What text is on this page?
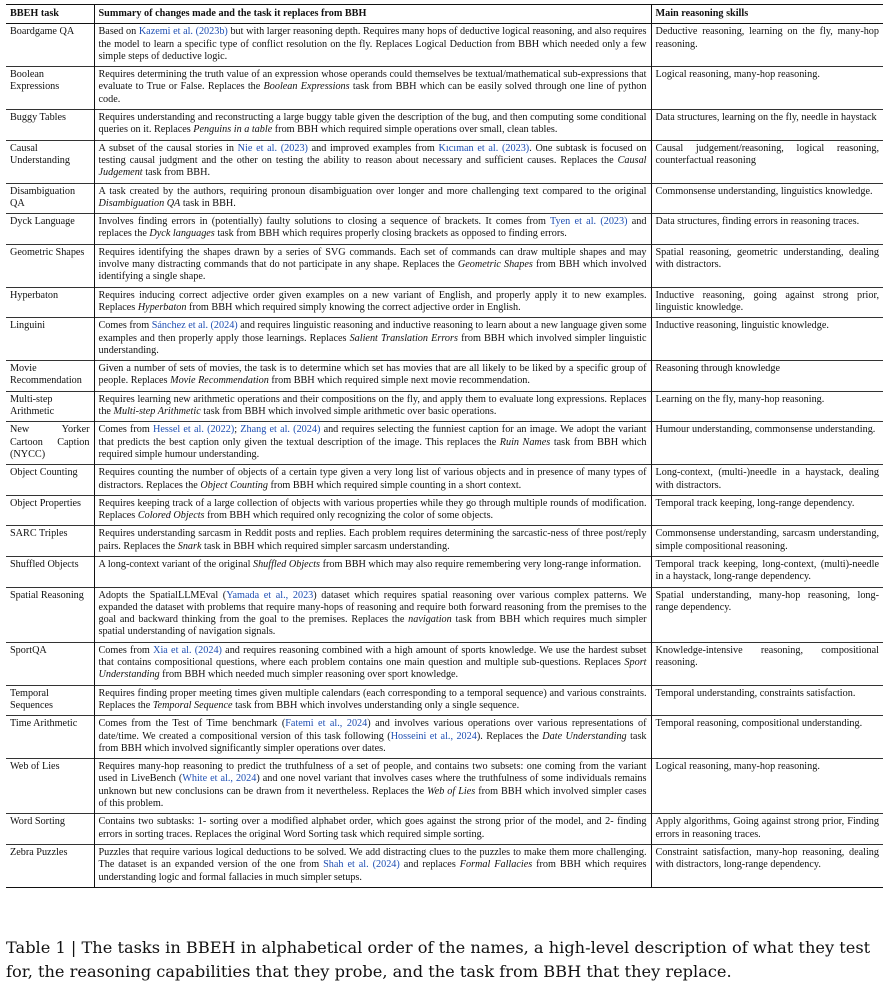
BBEH task	Summary of changes made and the task it replaces from BBH	Main reasoning skills
Boardgame QA	Based on Kazemi et al. (2023b) but with larger reasoning depth. Requires many hops of deductive logical reasoning, and also requires the model to learn a specific type of conflict resolution on the fly. Replaces Logical Deduction from BBH which needed only a few simple steps of deductive logic.	Deductive reasoning, learning on the fly, many-hop reasoning.
Boolean Expressions	Requires determining the truth value of an expression whose operands could themselves be textual/mathematical sub-expressions that evaluate to True or False. Replaces the Boolean Expressions task from BBH which can be easily solved through one line of python code.	Logical reasoning, many-hop reasoning.
Buggy Tables	Requires understanding and reconstructing a large buggy table given the description of the bug, and then computing some conditional queries on it. Replaces Penguins in a table from BBH which required simple operations over small, clean tables.	Data structures, learning on the fly, needle in haystack
Causal Understanding	A subset of the causal stories in Nie et al. (2023) and improved examples from Kıcıman et al. (2023). One subtask is focused on testing causal judgment and the other on testing the ability to reason about necessary and sufficient causes. Replaces the Causal Judgement task from BBH.	Causal judgement/reasoning, logical reasoning, counterfactual reasoning
Disambiguation QA	A task created by the authors, requiring pronoun disambiguation over longer and more challenging text compared to the original Disambiguation QA task in BBH.	Commonsense understanding, linguistics knowledge.
Dyck Language	Involves finding errors in (potentially) faulty solutions to closing a sequence of brackets. It comes from Tyen et al. (2023) and replaces the Dyck languages task from BBH which requires properly closing brackets as opposed to finding errors.	Data structures, finding errors in reasoning traces.
Geometric Shapes	Requires identifying the shapes drawn by a series of SVG commands. Each set of commands can draw multiple shapes and may involve many distracting commands that do not participate in any shape. Replaces the Geometric Shapes from BBH which involved identifying a single shape.	Spatial reasoning, geometric understanding, dealing with distractors.
Hyperbaton	Requires inducing correct adjective order given examples on a new variant of English, and properly apply it to new examples. Replaces Hyperbaton from BBH which required simply knowing the correct adjective order in English.	Inductive reasoning, going against strong prior, linguistic knowledge.
Linguini	Comes from Sánchez et al. (2024) and requires linguistic reasoning and inductive reasoning to learn about a new language given some examples and then properly apply those learnings. Replaces Salient Translation Errors from BBH which involved simpler linguistic understanding.	Inductive reasoning, linguistic knowledge.
Movie Recommendation	Given a number of sets of movies, the task is to determine which set has movies that are all likely to be liked by a specific group of people. Replaces Movie Recommendation from BBH which required simple next movie recommendation.	Reasoning through knowledge
Multi-step Arithmetic	Requires learning new arithmetic operations and their compositions on the fly, and apply them to evaluate long expressions. Replaces the Multi-step Arithmetic task from BBH which involved simple arithmetic over basic operations.	Learning on the fly, many-hop reasoning.
New Yorker Cartoon Caption (NYCC)	Comes from Hessel et al. (2022); Zhang et al. (2024) and requires selecting the funniest caption for an image. We adopt the variant that predicts the best caption only given the textual description of the image. This replaces the Ruin Names task from BBH which required simple humour understanding.	Humour understanding, commonsense understanding.
Object Counting	Requires counting the number of objects of a certain type given a very long list of various objects and in presence of many types of distractors. Replaces the Object Counting from BBH which required simple counting in a short context.	Long-context, (multi-)needle in a haystack, dealing with distractors.
Object Properties	Requires keeping track of a large collection of objects with various properties while they go through multiple rounds of modification. Replaces Colored Objects from BBH which required only recognizing the color of some objects.	Temporal track keeping, long-range dependency.
SARC Triples	Requires understanding sarcasm in Reddit posts and replies. Each problem requires determining the sarcastic-ness of three post/reply pairs. Replaces the Snark task in BBH which required simpler sarcasm understanding.	Commonsense understanding, sarcasm understanding, simple compositional reasoning.
Shuffled Objects	A long-context variant of the original Shuffled Objects from BBH which may also require remembering very long-range information.	Temporal track keeping, long-context, (multi)-needle in a haystack, long-range dependency.
Spatial Reasoning	Adopts the SpatialLLMEval (Yamada et al., 2023) dataset which requires spatial reasoning over various complex patterns. We expanded the dataset with problems that require many-hops of reasoning and require both forward reasoning from the premises to the goal and backward thinking from the goal to the premises. Replaces the navigation task from BBH which requires much simpler spatial understanding of navigation signals.	Spatial understanding, many-hop reasoning, long-range dependency.
SportQA	Comes from Xia et al. (2024) and requires reasoning combined with a high amount of sports knowledge. We use the hardest subset that contains compositional questions, where each problem contains one main question and multiple sub-questions. Replaces Sport Understanding from BBH which needed much simpler reasoning over sport knowledge.	Knowledge-intensive reasoning, compositional reasoning.
Temporal Sequences	Requires finding proper meeting times given multiple calendars (each corresponding to a temporal sequence) and various constraints. Replaces the Temporal Sequence task from BBH which involves understanding only a single sequence.	Temporal understanding, constraints satisfaction.
Time Arithmetic	Comes from the Test of Time benchmark (Fatemi et al., 2024) and involves various operations over various representations of date/time. We created a compositional version of this task following (Hosseini et al., 2024). Replaces the Date Understanding task from BBH which involved significantly simpler operations over dates.	Temporal reasoning, compositional understanding.
Web of Lies	Requires many-hop reasoning to predict the truthfulness of a set of people, and contains two subsets: one coming from the variant used in LiveBench (White et al., 2024) and one novel variant that involves cases where the truthfulness of some individuals remains unknown but new conclusions can be drawn from it nevertheless. Replaces the Web of Lies from BBH which involved simpler cases of this problem.	Logical reasoning, many-hop reasoning.
Word Sorting	Contains two subtasks: 1- sorting over a modified alphabet order, which goes against the strong prior of the model, and 2- finding errors in sorting traces. Replaces the original Word Sorting task which required simple sorting.	Apply algorithms, Going against strong prior, Finding errors in reasoning traces.
Zebra Puzzles	Puzzles that require various logical deductions to be solved. We add distracting clues to the puzzles to make them more challenging. The dataset is an expanded version of the one from Shah et al. (2024) and replaces Formal Fallacies from BBH which requires understanding logic and formal fallacies in much simpler setups.	Constraint satisfaction, many-hop reasoning, dealing with distractors, long-range dependency.

Table 1 | The tasks in BBEH in alphabetical order of the names, a high-level description of what they test for, the reasoning capabilities that they probe, and the task from BBH that they replace.
